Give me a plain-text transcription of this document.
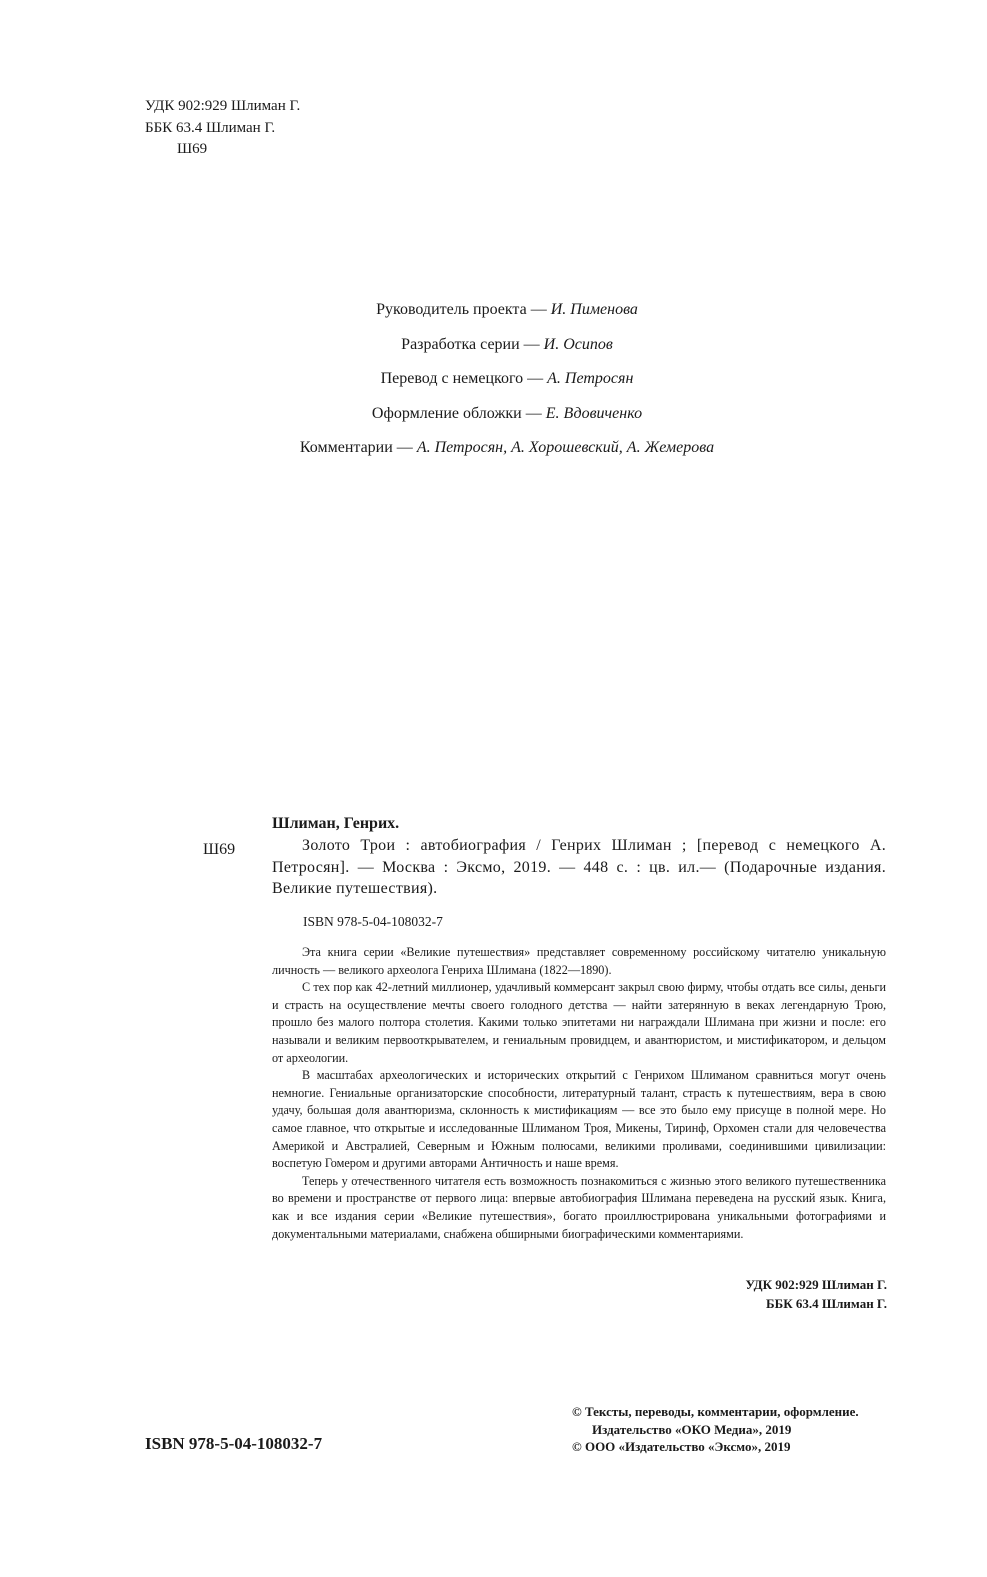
УДК 902:929 Шлиман Г.
ББК 63.4 Шлиман Г.
Ш69
Руководитель проекта — И. Пименова
Разработка серии — И. Осипов
Перевод с немецкого — А. Петросян
Оформление обложки — Е. Вдовиченко
Комментарии — А. Петросян, А. Хорошевский, А. Жемерова
Шлиман, Генрих.
Ш69	Золото Трои : автобиография / Генрих Шлиман ; [перевод с немецкого А. Петросян]. — Москва : Эксмо, 2019. — 448 с. : цв. ил.— (Подарочные издания. Великие путешествия).
ISBN 978-5-04-108032-7

Эта книга серии «Великие путешествия» представляет современному российскому читателю уникальную личность — великого археолога Генриха Шлимана (1822—1890).

С тех пор как 42-летний миллионер, удачливый коммерсант закрыл свою фирму, чтобы отдать все силы, деньги и страсть на осуществление мечты своего голодного детства — найти затерянную в веках легендарную Трою, прошло без малого полтора столетия. Какими только эпитетами ни награждали Шлимана при жизни и после: его называли и великим первооткрывателем, и гениальным провидцем, и авантюристом, и мистификатором, и дельцом от археологии.

В масштабах археологических и исторических открытий с Генрихом Шлиманом сравниться могут очень немногие. Гениальные организаторские способности, литературный талант, страсть к путешествиям, вера в свою удачу, большая доля авантюризма, склонность к мистификациям — все это было ему присуще в полной мере. Но самое главное, что открытые и исследованные Шлиманом Троя, Микены, Тиринф, Орхомен стали для человечества Америкой и Австралией, Северным и Южным полюсами, великими проливами, соединившими цивилизации: воспетую Гомером и другими авторами Античность и наше время.

Теперь у отечественного читателя есть возможность познакомиться с жизнью этого великого путешественника во времени и пространстве от первого лица: впервые автобиография Шлимана переведена на русский язык. Книга, как и все издания серии «Великие путешествия», богато проиллюстрирована уникальными фотографиями и документальными материалами, снабжена обширными биографическими комментариями.

УДК 902:929 Шлиман Г.
ББК 63.4 Шлиман Г.
ISBN 978-5-04-108032-7
© Тексты, переводы, комментарии, оформление.
Издательство «ОКО Медиа», 2019
© ООО «Издательство «Эксмо», 2019
